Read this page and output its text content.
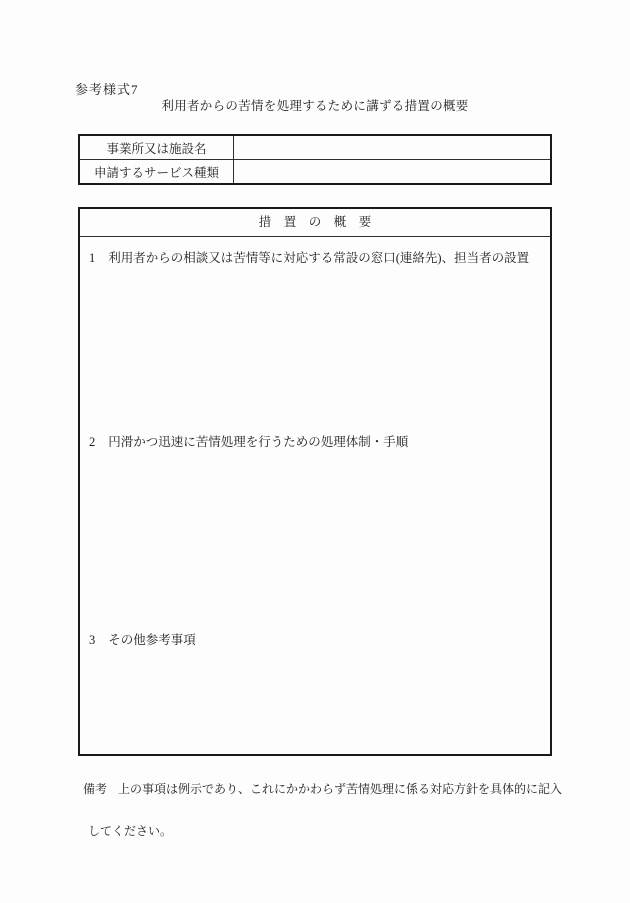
参考様式7
利用者からの苦情を処理するために講ずる措置の概要
事業所又は施設名	
申請するサービス種類	
措　置　の　概　要
1 利用者からの相談又は苦情等に対応する常設の窓口(連絡先)、担当者の設置
2 円滑かつ迅速に苦情処理を行うための処理体制・手順
3 その他参考事項

備考 上の事項は例示であり、これにかかわらず苦情処理に係る対応方針を具体的に記入

してください。
